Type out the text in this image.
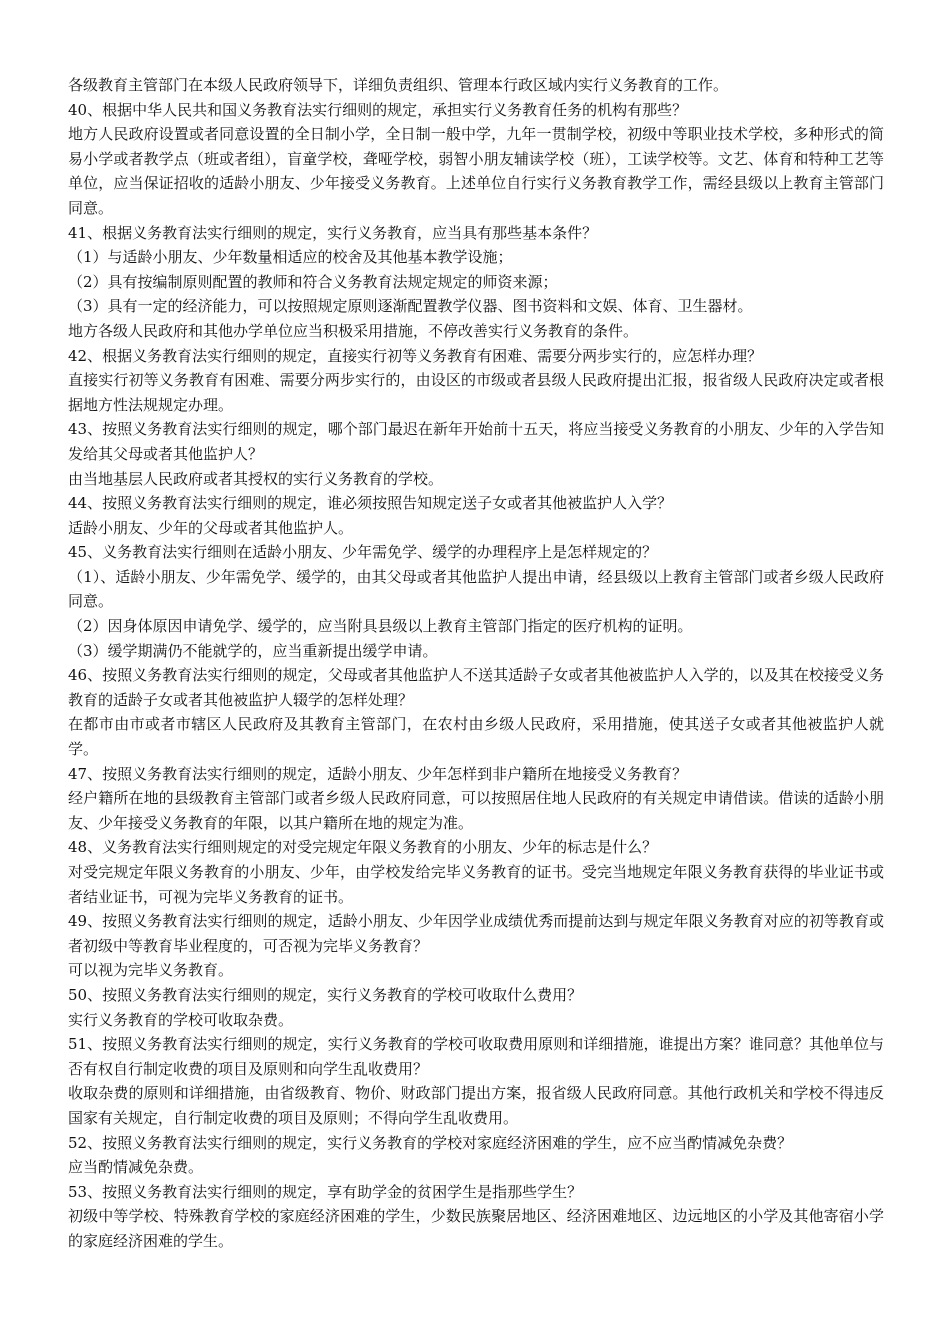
各级教育主管部门在本级人民政府领导下，详细负责组织、管理本行政区域内实行义务教育的工作。

40、根据中华人民共和国义务教育法实行细则的规定，承担实行义务教育任务的机构有那些？

地方人民政府设置或者同意设置的全日制小学，全日制一般中学，九年一贯制学校，初级中等职业技术学校，多种形式的简易小学或者教学点（班或者组），盲童学校，聋哑学校，弱智小朋友辅读学校（班），工读学校等。文艺、体育和特种工艺等单位，应当保证招收的适龄小朋友、少年接受义务教育。上述单位自行实行义务教育教学工作，需经县级以上教育主管部门同意。

41、根据义务教育法实行细则的规定，实行义务教育，应当具有那些基本条件？

（1）与适龄小朋友、少年数量相适应的校舍及其他基本教学设施；

（2）具有按编制原则配置的教师和符合义务教育法规定规定的师资来源；

（3）具有一定的经济能力，可以按照规定原则逐渐配置教学仪器、图书资料和文娱、体育、卫生器材。

地方各级人民政府和其他办学单位应当积极采用措施，不停改善实行义务教育的条件。

42、根据义务教育法实行细则的规定，直接实行初等义务教育有困难、需要分两步实行的，应怎样办理？

直接实行初等义务教育有困难、需要分两步实行的，由设区的市级或者县级人民政府提出汇报，报省级人民政府决定或者根据地方性法规规定办理。

43、按照义务教育法实行细则的规定，哪个部门最迟在新年开始前十五天，将应当接受义务教育的小朋友、少年的入学告知发给其父母或者其他监护人？

由当地基层人民政府或者其授权的实行义务教育的学校。

44、按照义务教育法实行细则的规定，谁必须按照告知规定送子女或者其他被监护人入学？

适龄小朋友、少年的父母或者其他监护人。

45、义务教育法实行细则在适龄小朋友、少年需免学、缓学的办理程序上是怎样规定的？

（1）、适龄小朋友、少年需免学、缓学的，由其父母或者其他监护人提出申请，经县级以上教育主管部门或者乡级人民政府同意。

（2）因身体原因申请免学、缓学的，应当附具县级以上教育主管部门指定的医疗机构的证明。

（3）缓学期满仍不能就学的，应当重新提出缓学申请。

46、按照义务教育法实行细则的规定，父母或者其他监护人不送其适龄子女或者其他被监护人入学的，以及其在校接受义务教育的适龄子女或者其他被监护人辍学的怎样处理？

在都市由市或者市辖区人民政府及其教育主管部门，在农村由乡级人民政府，采用措施，使其送子女或者其他被监护人就学。

47、按照义务教育法实行细则的规定，适龄小朋友、少年怎样到非户籍所在地接受义务教育？

经户籍所在地的县级教育主管部门或者乡级人民政府同意，可以按照居住地人民政府的有关规定申请借读。借读的适龄小朋友、少年接受义务教育的年限，以其户籍所在地的规定为准。

48、义务教育法实行细则规定的对受完规定年限义务教育的小朋友、少年的标志是什么？

对受完规定年限义务教育的小朋友、少年，由学校发给完毕义务教育的证书。受完当地规定年限义务教育获得的毕业证书或者结业证书，可视为完毕义务教育的证书。

49、按照义务教育法实行细则的规定，适龄小朋友、少年因学业成绩优秀而提前达到与规定年限义务教育对应的初等教育或者初级中等教育毕业程度的，可否视为完毕义务教育？

可以视为完毕义务教育。

50、按照义务教育法实行细则的规定，实行义务教育的学校可收取什么费用？

实行义务教育的学校可收取杂费。

51、按照义务教育法实行细则的规定，实行义务教育的学校可收取费用原则和详细措施，谁提出方案？谁同意？其他单位与否有权自行制定收费的项目及原则和向学生乱收费用？

收取杂费的原则和详细措施，由省级教育、物价、财政部门提出方案，报省级人民政府同意。其他行政机关和学校不得违反国家有关规定，自行制定收费的项目及原则；不得向学生乱收费用。

52、按照义务教育法实行细则的规定，实行义务教育的学校对家庭经济困难的学生，应不应当酌情减免杂费？

应当酌情减免杂费。

53、按照义务教育法实行细则的规定，享有助学金的贫困学生是指那些学生？

初级中等学校、特殊教育学校的家庭经济困难的学生，少数民族聚居地区、经济困难地区、边远地区的小学及其他寄宿小学的家庭经济困难的学生。
